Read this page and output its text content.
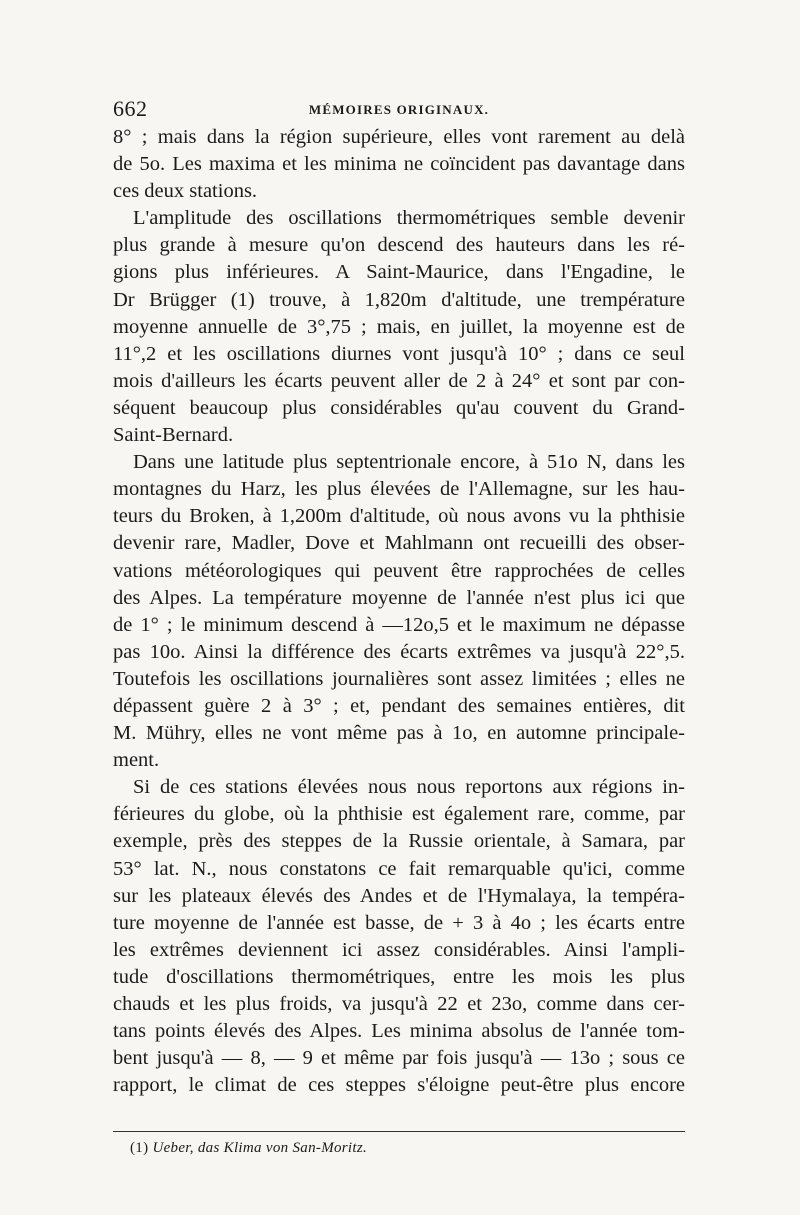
662	MÉMOIRES ORIGINAUX.
8° ; mais dans la région supérieure, elles vont rarement au delà
de 5o. Les maxima et les minima ne coïncident pas davantage dans
ces deux stations.
L'amplitude des oscillations thermométriques semble devenir
plus grande à mesure qu'on descend des hauteurs dans les ré-
gions plus inférieures. A Saint-Maurice, dans l'Engadine, le
Dr Brügger (1) trouve, à 1,820m d'altitude, une trempérature
moyenne annuelle de 3°,75 ; mais, en juillet, la moyenne est de
11°,2 et les oscillations diurnes vont jusqu'à 10° ; dans ce seul
mois d'ailleurs les écarts peuvent aller de 2 à 24° et sont par con-
séquent beaucoup plus considérables qu'au couvent du Grand-
Saint-Bernard.
Dans une latitude plus septentrionale encore, à 51o N, dans les
montagnes du Harz, les plus élevées de l'Allemagne, sur les hau-
teurs du Broken, à 1,200m d'altitude, où nous avons vu la phthisie
devenir rare, Madler, Dove et Mahlmann ont recueilli des obser-
vations météorologiques qui peuvent être rapprochées de celles
des Alpes. La température moyenne de l'année n'est plus ici que
de 1° ; le minimum descend à —12o,5 et le maximum ne dépasse
pas 10o. Ainsi la différence des écarts extrêmes va jusqu'à 22°,5.
Toutefois les oscillations journalières sont assez limitées ; elles ne
dépassent guère 2 à 3° ; et, pendant des semaines entières, dit
M. Mühry, elles ne vont même pas à 1o, en automne principale-
ment.
Si de ces stations élevées nous nous reportons aux régions in-
férieures du globe, où la phthisie est également rare, comme, par
exemple, près des steppes de la Russie orientale, à Samara, par
53° lat. N., nous constatons ce fait remarquable qu'ici, comme
sur les plateaux élevés des Andes et de l'Hymalaya, la tempéra-
ture moyenne de l'année est basse, de + 3 à 4o ; les écarts entre
les extrêmes deviennent ici assez considérables. Ainsi l'ampli-
tude d'oscillations thermométriques, entre les mois les plus
chauds et les plus froids, va jusqu'à 22 et 23o, comme dans cer-
tans points élevés des Alpes. Les minima absolus de l'année tom-
bent jusqu'à — 8, — 9 et même par fois jusqu'à — 13o ; sous ce
rapport, le climat de ces steppes s'éloigne peut-être plus encore
(1) Ueber, das Klima von San-Moritz.
